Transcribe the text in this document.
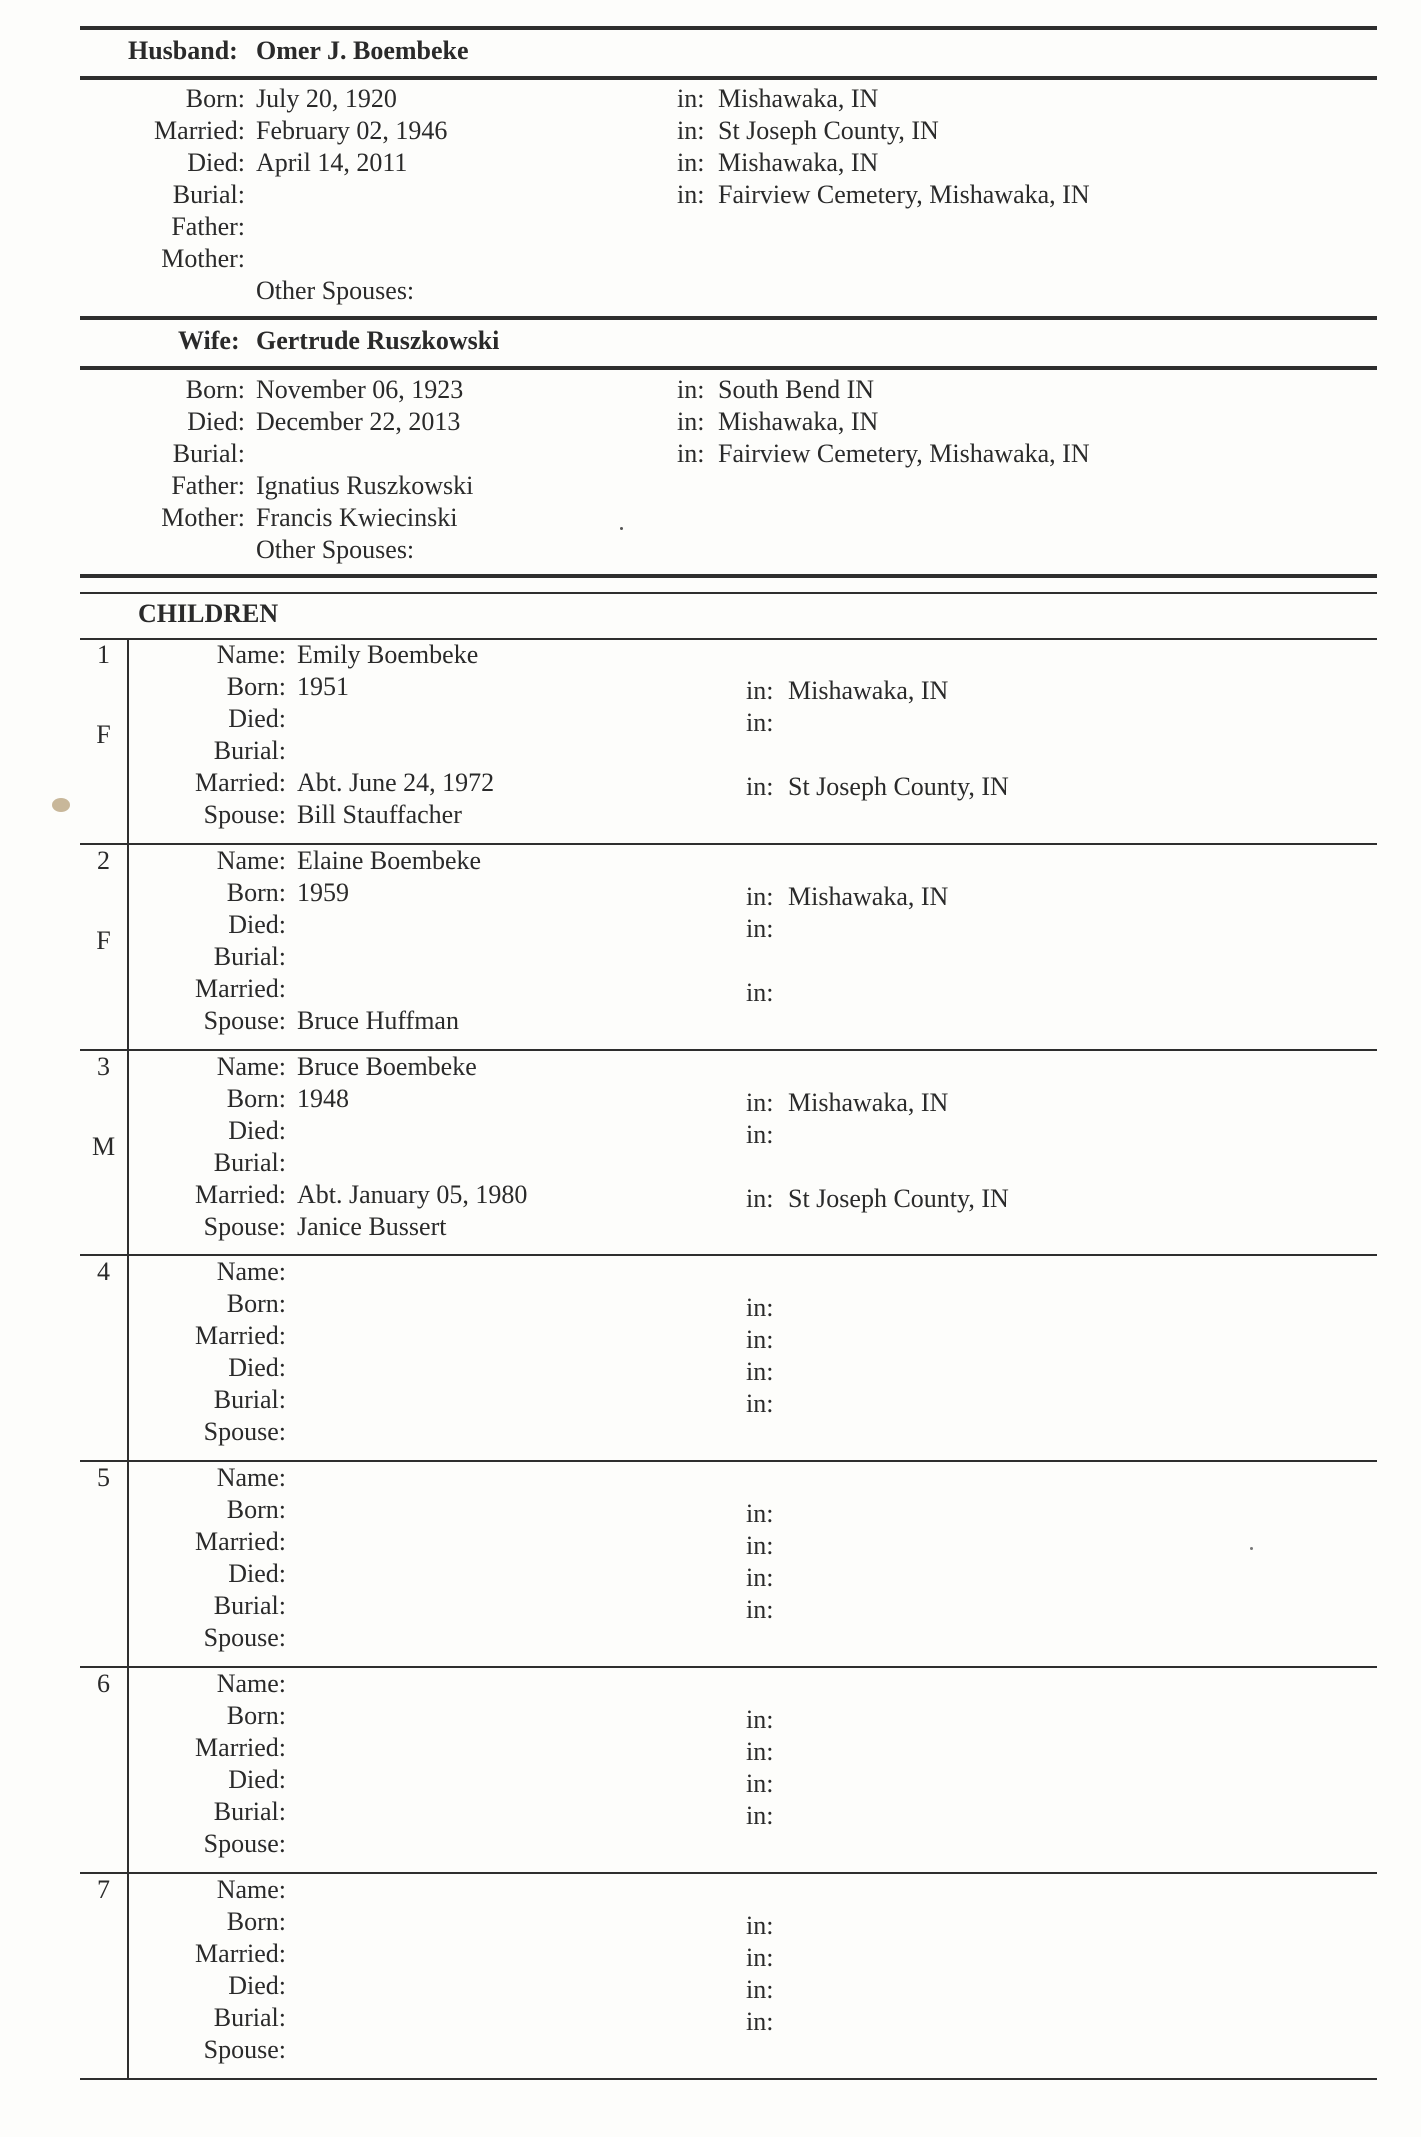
Husband: Omer J. Boembeke
Born: July 20, 1920	in: Mishawaka, IN
Married: February 02, 1946	in: St Joseph County, IN
Died: April 14, 2011	in: Mishawaka, IN
Burial:	in: Fairview Cemetery, Mishawaka, IN
Father:
Mother:
Other Spouses:
Wife: Gertrude Ruszkowski
Born: November 06, 1923	in: South Bend IN
Died: December 22, 2013	in: Mishawaka, IN
Burial:	in: Fairview Cemetery, Mishawaka, IN
Father: Ignatius Ruszkowski
Mother: Francis Kwiecinski
Other Spouses:
CHILDREN
1
F
Name: Emily Boembeke
Born: 1951	in: Mishawaka, IN
Died:	in:
Burial:
Married: Abt. June 24, 1972	in: St Joseph County, IN
Spouse: Bill Stauffacher
2
F
Name: Elaine Boembeke
Born: 1959	in: Mishawaka, IN
Died:	in:
Burial:
Married:	in:
Spouse: Bruce Huffman
3
M
Name: Bruce Boembeke
Born: 1948	in: Mishawaka, IN
Died:	in:
Burial:
Married: Abt. January 05, 1980	in: St Joseph County, IN
Spouse: Janice Bussert
4	Name:
Born:	in:
Married:	in:
Died:	in:
Burial:	in:
Spouse:
5	Name:
Born:	in:
Married:	in:
Died:	in:
Burial:	in:
Spouse:
6	Name:
Born:	in:
Married:	in:
Died:	in:
Burial:	in:
Spouse:
7	Name:
Born:	in:
Married:	in:
Died:	in:
Burial:	in:
Spouse:
